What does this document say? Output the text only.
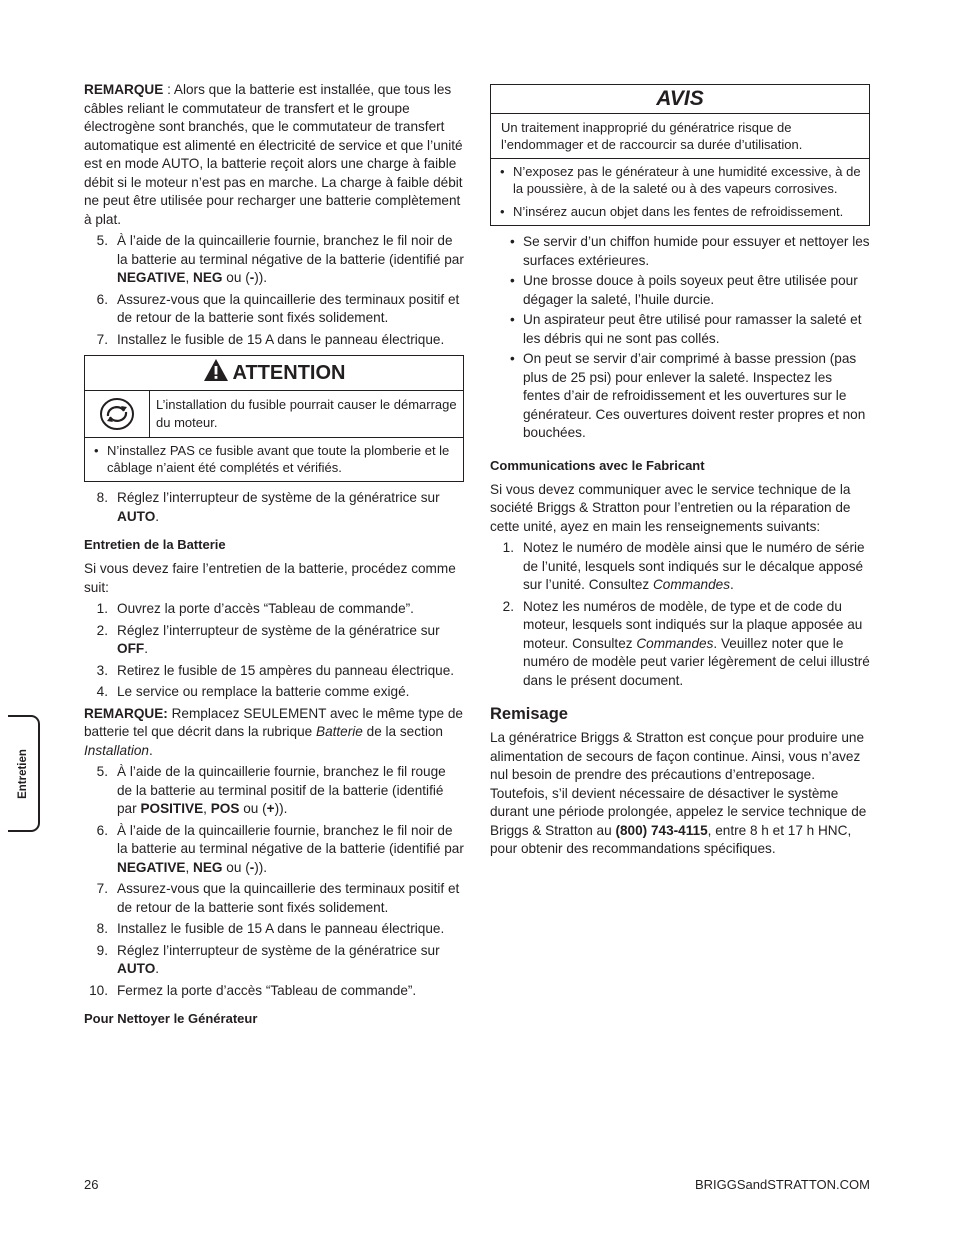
REMARQUE : Alors que la batterie est installée, que tous les câbles reliant le commutateur de transfert et le groupe électrogène sont branchés, que le commutateur de transfert automatique est alimenté en électricité de service et que l’unité est en mode AUTO, la batterie reçoit alors une charge à faible débit si le moteur n’est pas en marche. La charge à faible débit ne peut être utilisée pour recharger une batterie complètement à plat.

5. À l’aide de la quincaillerie fournie, branchez le fil noir de la batterie au terminal négative de la batterie (identifié par NEGATIVE, NEG ou (-)).
6. Assurez-vous que la quincaillerie des terminaux positif et de retour de la batterie sont fixés solidement.
7. Installez le fusible de 15 A dans le panneau électrique.
ATTENTION
L’installation du fusible pourrait causer le démarrage du moteur.
• N’installez PAS ce fusible avant que toute la plomberie et le câblage n’aient été complétés et vérifiés.
8. Réglez l’interrupteur de système de la génératrice sur AUTO.
Entretien de la Batterie

Si vous devez faire l’entretien de la batterie, procédez comme suit:

1. Ouvrez la porte d’accès “Tableau de commande”.
2. Réglez l’interrupteur de système de la génératrice sur OFF.
3. Retirez le fusible de 15 ampères du panneau électrique.
4. Le service ou remplace la batterie comme exigé.

REMARQUE: Remplacez SEULEMENT avec le même type de batterie tel que décrit dans la rubrique Batterie de la section Installation.

5. À l’aide de la quincaillerie fournie, branchez le fil rouge de la batterie au terminal positif de la batterie (identifié par POSITIVE, POS ou (+)).
6. À l’aide de la quincaillerie fournie, branchez le fil noir de la batterie au terminal négative de la batterie (identifié par NEGATIVE, NEG ou (-)).
7. Assurez-vous que la quincaillerie des terminaux positif et de retour de la batterie sont fixés solidement.
8. Installez le fusible de 15 A dans le panneau électrique.
9. Réglez l’interrupteur de système de la génératrice sur AUTO.
10. Fermez la porte d’accès “Tableau de commande”.
Pour Nettoyer le Générateur
AVIS
Un traitement inapproprié du génératrice risque de l’endommager et de raccourcir sa durée d’utilisation.
• N’exposez pas le générateur à une humidité excessive, à de la poussière, à de la saleté ou à des vapeurs corrosives.
• N’insérez aucun objet dans les fentes de refroidissement.
• Se servir d’un chiffon humide pour essuyer et nettoyer les surfaces extérieures.
• Une brosse douce à poils soyeux peut être utilisée pour dégager la saleté, l’huile durcie.
• Un aspirateur peut être utilisé pour ramasser la saleté et les débris qui ne sont pas collés.
• On peut se servir d’air comprimé à basse pression (pas plus de 25 psi) pour enlever la saleté. Inspectez les fentes d’air de refroidissement et les ouvertures sur le générateur. Ces ouvertures doivent rester propres et non bouchées.
Communications avec le Fabricant

Si vous devez communiquer avec le service technique de la société Briggs & Stratton pour l’entretien ou la réparation de cette unité, ayez en main les renseignements suivants:

1. Notez le numéro de modèle ainsi que le numéro de série de l’unité, lesquels sont indiqués sur le décalque apposé sur l’unité. Consultez Commandes.
2. Notez les numéros de modèle, de type et de code du moteur, lesquels sont indiqués sur la plaque apposée au moteur. Consultez Commandes. Veuillez noter que le numéro de modèle peut varier légèrement de celui illustré dans le présent document.
Remisage

La génératrice Briggs & Stratton est conçue pour produire une alimentation de secours de façon continue. Ainsi, vous n’avez nul besoin de prendre des précautions d’entreposage. Toutefois, s’il devient nécessaire de désactiver le système durant une période prolongée, appelez le service technique de Briggs & Stratton au (800) 743-4115, entre 8 h et 17 h HNC, pour obtenir des recommandations spécifiques.

Entretien
26	BRIGGSandSTRATTON.COM
